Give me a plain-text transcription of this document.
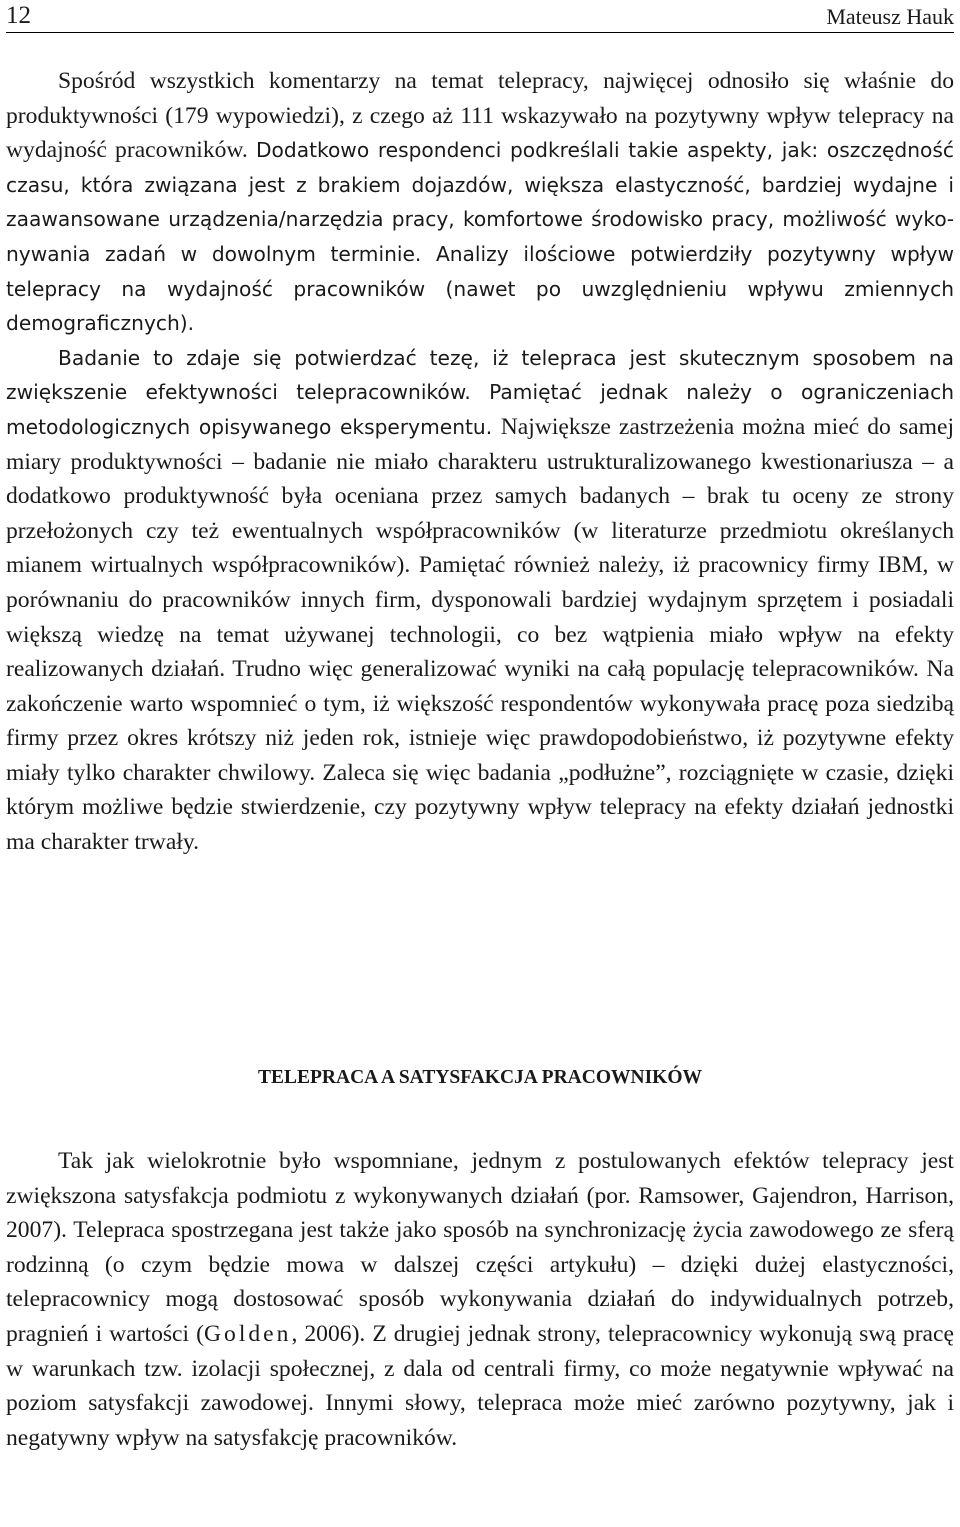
12	Mateusz Hauk

Spośród wszystkich komentarzy na temat telepracy, najwięcej odnosiło się właśnie do produktywności (179 wypowiedzi), z czego aż 111 wskazywało na pozytywny wpływ telepracy na wydajność pracowników. Dodatkowo respondenci podkreślali takie aspekty, jak: oszczędność czasu, która związana jest z brakiem dojazdów, większa elastyczność, bardziej wydajne i zaawansowane urządzenia/narzędzia pracy, komfortowe środowisko pracy, możliwość wykonywania zadań w dowolnym terminie. Analizy ilościowe potwierdziły pozytywny wpływ telepracy na wydajność pracowników (nawet po uwzględnieniu wpływu zmiennych demograficznych).

Badanie to zdaje się potwierdzać tezę, iż telepraca jest skutecznym sposobem na zwiększenie efektywności telepracowników. Pamiętać jednak należy o ograniczeniach metodologicznych opisywanego eksperymentu. Największe zastrzeżenia można mieć do samej miary produktywności – badanie nie miało charakteru ustrukturalizowanego kwestionariusza – a dodatkowo produktywność była oceniana przez samych badanych – brak tu oceny ze strony przełożonych czy też ewentualnych współpracowników (w literaturze przedmiotu określanych mianem wirtualnych współpracowników). Pamiętać również należy, iż pracownicy firmy IBM, w porównaniu do pracowników innych firm, dysponowali bardziej wydajnym sprzętem i posiadali większą wiedzę na temat używanej technologii, co bez wątpienia miało wpływ na efekty realizowanych działań. Trudno więc generalizować wyniki na całą populację telepracowników. Na zakończenie warto wspomnieć o tym, iż większość respondentów wykonywała pracę poza siedzibą firmy przez okres krótszy niż jeden rok, istnieje więc prawdopodobieństwo, iż pozytywne efekty miały tylko charakter chwilowy. Zaleca się więc badania „podłużne”, rozciągnięte w czasie, dzięki którym możliwe będzie stwierdzenie, czy pozytywny wpływ telepracy na efekty działań jednostki ma charakter trwały.

TELEPRACA A SATYSFAKCJA PRACOWNIKÓW

Tak jak wielokrotnie było wspomniane, jednym z postulowanych efektów telepracy jest zwiększona satysfakcja podmiotu z wykonywanych działań (por. Ramsower, Gajendron, Harrison, 2007). Telepraca spostrzegana jest także jako sposób na synchronizację życia zawodowego ze sferą rodzinną (o czym będzie mowa w dalszej części artykułu) – dzięki dużej elastyczności, telepracownicy mogą dostosować sposób wykonywania działań do indywidualnych potrzeb, pragnień i wartości (Golden, 2006). Z drugiej jednak strony, telepracownicy wykonują swą pracę w warunkach tzw. izolacji społecznej, z dala od centrali firmy, co może negatywnie wpływać na poziom satysfakcji zawodowej. Innymi słowy, telepraca może mieć zarówno pozytywny, jak i negatywny wpływ na satysfakcję pracowników.
